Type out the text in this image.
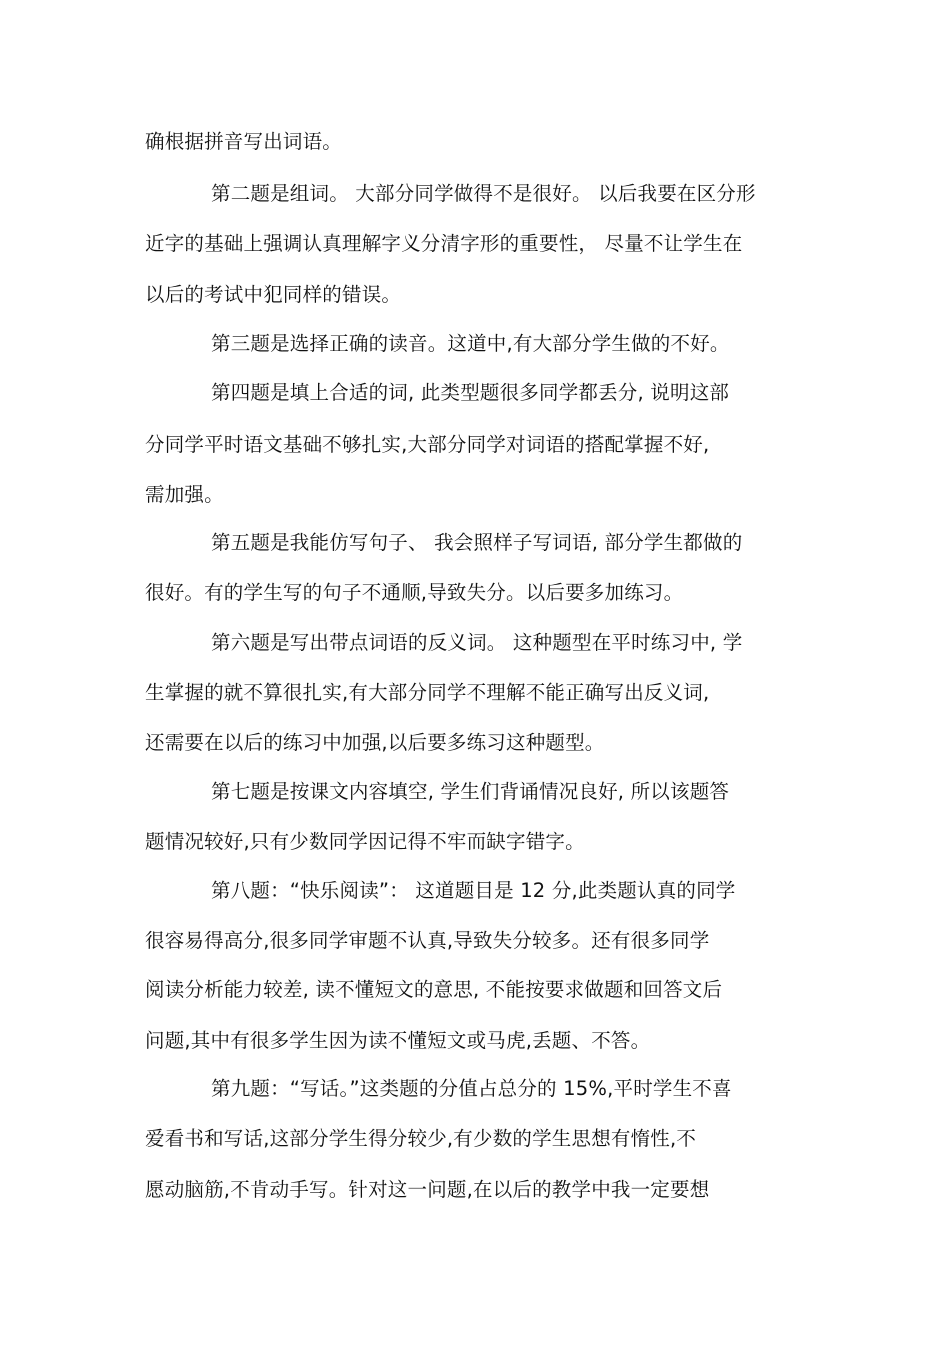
确根据拼音写出词语。
第二题是组词。 大部分同学做得不是很好。 以后我要在区分形
近字的基础上强调认真理解字义分清字形的重要性， 尽量不让学生在
以后的考试中犯同样的错误。
第三题是选择正确的读音。这道中,有大部分学生做的不好。
第四题是填上合适的词, 此类型题很多同学都丢分, 说明这部
分同学平时语文基础不够扎实,大部分同学对词语的搭配掌握不好,
需加强。
第五题是我能仿写句子、 我会照样子写词语, 部分学生都做的
很好。有的学生写的句子不通顺,导致失分。以后要多加练习。
第六题是写出带点词语的反义词。 这种题型在平时练习中, 学
生掌握的就不算很扎实,有大部分同学不理解不能正确写出反义词,
还需要在以后的练习中加强,以后要多练习这种题型。
第七题是按课文内容填空, 学生们背诵情况良好, 所以该题答
题情况较好,只有少数同学因记得不牢而缺字错字。
第八题：“快乐阅读”： 这道题目是 12 分,此类题认真的同学
很容易得高分,很多同学审题不认真,导致失分较多。还有很多同学
阅读分析能力较差, 读不懂短文的意思, 不能按要求做题和回答文后
问题,其中有很多学生因为读不懂短文或马虎,丢题、不答。
第九题：“写话。”这类题的分值占总分的 15%,平时学生不喜
爱看书和写话,这部分学生得分较少,有少数的学生思想有惰性,不
愿动脑筋,不肯动手写。针对这一问题,在以后的教学中我一定要想
